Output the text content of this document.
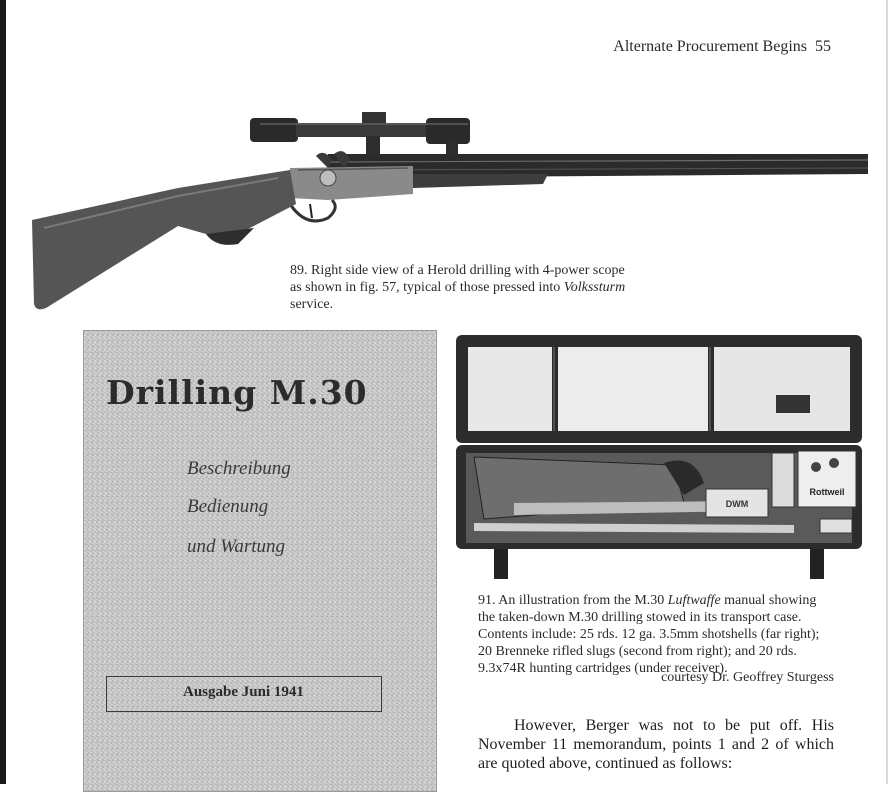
Alternate Procurement Begins 55
89. Right side view of a Herold drilling with 4-power scope
as shown in fig. 57, typical of those pressed into Volkssturm
service.
Drilling M.30
Beschreibung
Bedienung
und Wartung
Ausgabe Juni 1941
Rottweil
DWM
91. An illustration from the M.30 Luftwaffe manual showing the taken-down M.30 drilling stowed in its transport case. Contents include: 25 rds. 12 ga. 3.5mm shotshells (far right); 20 Brenneke rifled slugs (second from right); and 20 rds. 9.3x74R hunting cartridges (under receiver).
courtesy Dr. Geoffrey Sturgess
However, Berger was not to be put off. His November 11 memorandum, points 1 and 2 of which are quoted above, continued as follows:
